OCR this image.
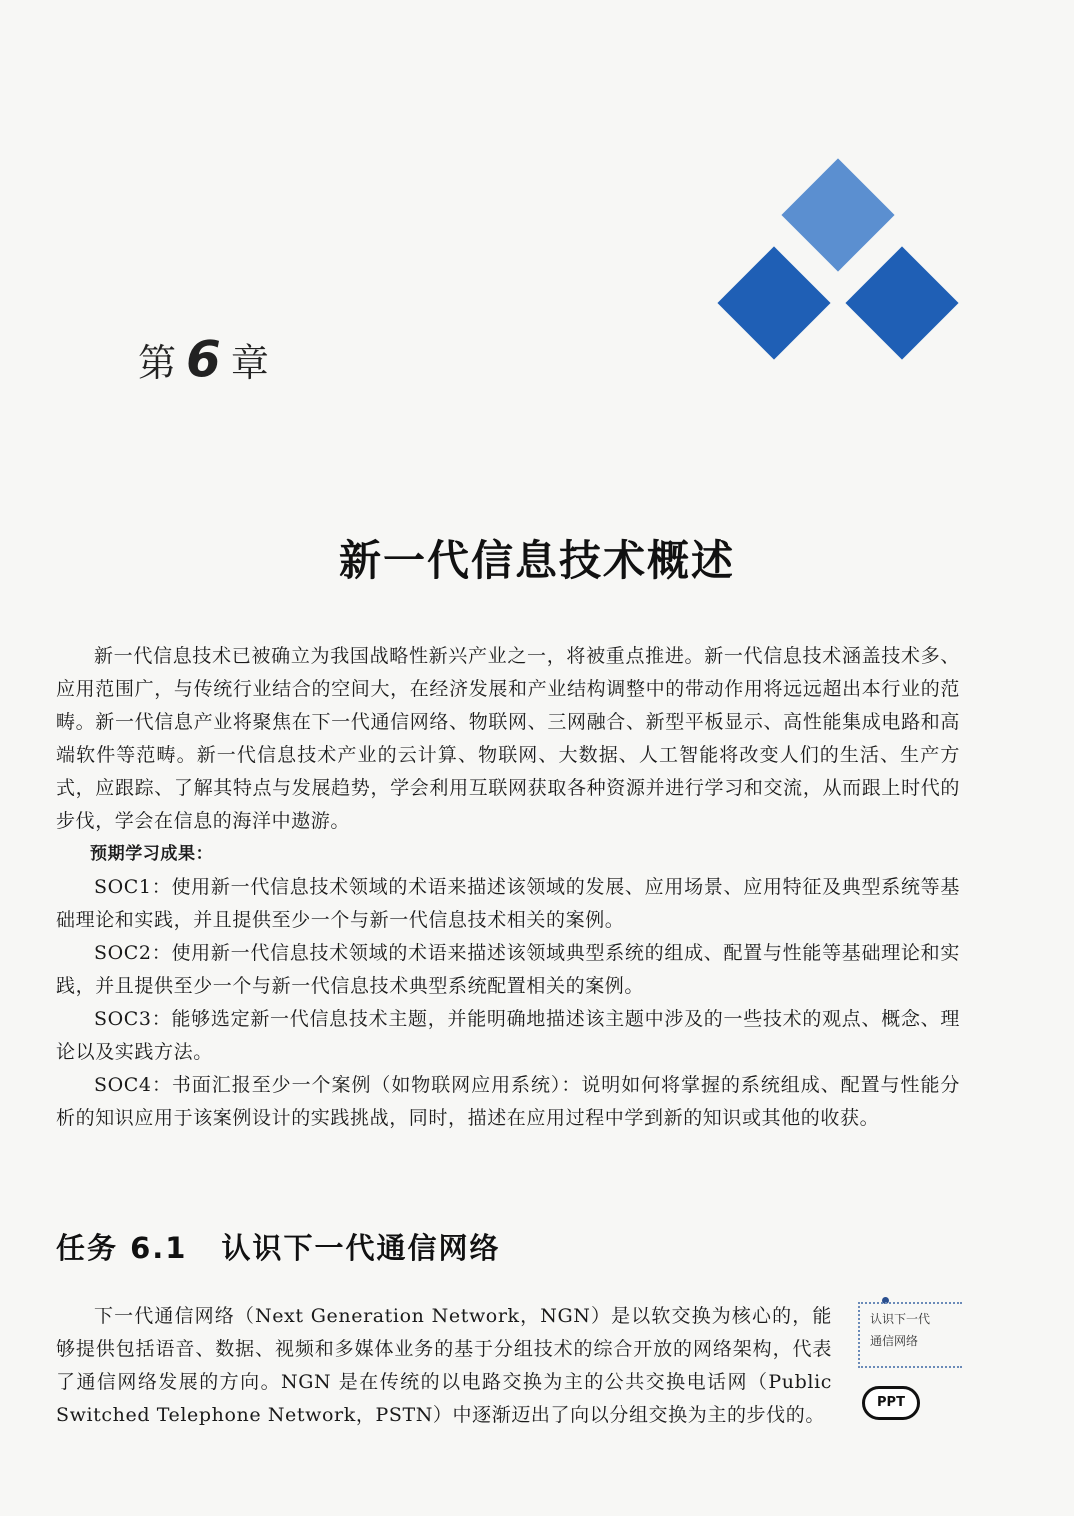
第 6 章
新一代信息技术概述

新一代信息技术已被确立为我国战略性新兴产业之一，将被重点推进。新一代信息技术涵盖技术多、应用范围广，与传统行业结合的空间大，在经济发展和产业结构调整中的带动作用将远远超出本行业的范畴。新一代信息产业将聚焦在下一代通信网络、物联网、三网融合、新型平板显示、高性能集成电路和高端软件等范畴。新一代信息技术产业的云计算、物联网、大数据、人工智能将改变人们的生活、生产方式，应跟踪、了解其特点与发展趋势，学会利用互联网获取各种资源并进行学习和交流，从而跟上时代的步伐，学会在信息的海洋中遨游。

预期学习成果：

SOC1：使用新一代信息技术领域的术语来描述该领域的发展、应用场景、应用特征及典型系统等基础理论和实践，并且提供至少一个与新一代信息技术相关的案例。

SOC2：使用新一代信息技术领域的术语来描述该领域典型系统的组成、配置与性能等基础理论和实践，并且提供至少一个与新一代信息技术典型系统配置相关的案例。

SOC3：能够选定新一代信息技术主题，并能明确地描述该主题中涉及的一些技术的观点、概念、理论以及实践方法。

SOC4：书面汇报至少一个案例（如物联网应用系统）：说明如何将掌握的系统组成、配置与性能分析的知识应用于该案例设计的实践挑战，同时，描述在应用过程中学到新的知识或其他的收获。

任务 6.1 认识下一代通信网络

下一代通信网络（Next Generation Network，NGN）是以软交换为核心的，能够提供包括语音、数据、视频和多媒体业务的基于分组技术的综合开放的网络架构，代表了通信网络发展的方向。NGN 是在传统的以电路交换为主的公共交换电话网（Public Switched Telephone Network，PSTN）中逐渐迈出了向以分组交换为主的步伐的。

认识下一代
通信网络
PPT
